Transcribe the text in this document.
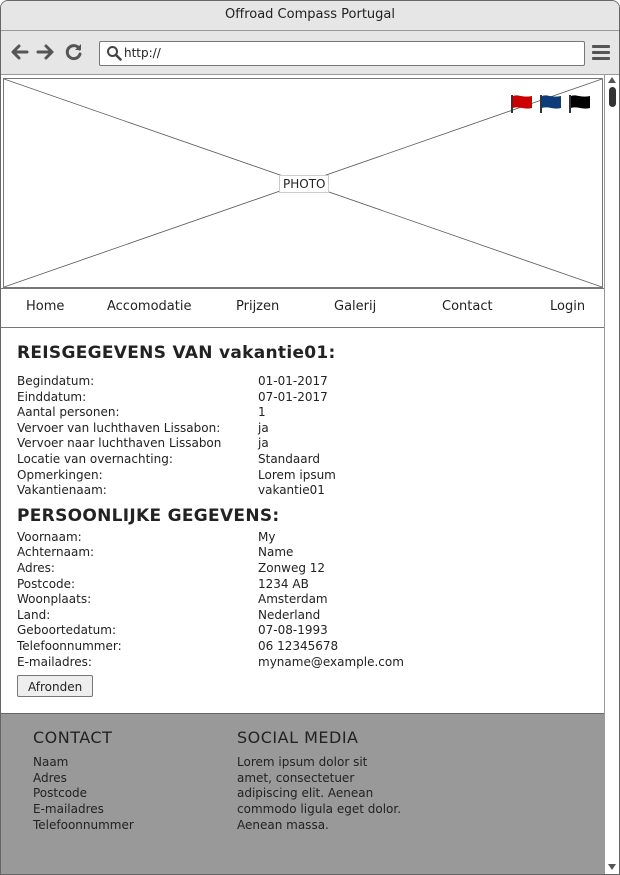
Offroad Compass Portugal
http://
PHOTO
Home	Accomodatie	Prijzen	Galerij	Contact	Login
REISGEGEVENS VAN vakantie01:
Begindatum:	01-01-2017
Einddatum:	07-01-2017
Aantal personen:	1
Vervoer van luchthaven Lissabon:	ja
Vervoer naar luchthaven Lissabon	ja
Locatie van overnachting:	Standaard
Opmerkingen:	Lorem ipsum
Vakantienaam:	vakantie01
PERSOONLIJKE GEGEVENS:
Voornaam:	My
Achternaam:	Name
Adres:	Zonweg 12
Postcode:	1234 AB
Woonplaats:	Amsterdam
Land:	Nederland
Geboortedatum:	07-08-1993
Telefoonnummer:	06 12345678
E-mailadres:	myname@example.com
Afronden
CONTACT
Naam
Adres
Postcode
E-mailadres
Telefoonnummer
SOCIAL MEDIA
Lorem ipsum dolor sit
amet, consectetuer
adipiscing elit. Aenean
commodo ligula eget dolor.
Aenean massa.
